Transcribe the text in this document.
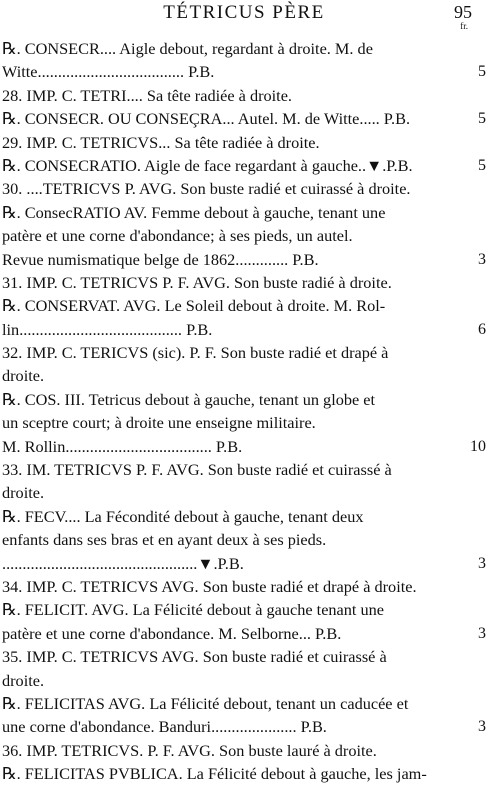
TÉTRICUS PÈRE	95
fr.
℞. CONSECR.... Aigle debout, regardant à droite. M. de
Witte.................................... P.B.	5
28. IMP. C. TETRI.... Sa tête radiée à droite.
℞. CONSECR. OU CONSEÇRA... Autel. M. de Witte..... P.B.	5
29. IMP. C. TETRICVS... Sa tête radiée à droite.
℞. CONSECRATIO. Aigle de face regardant à gauche..▼.P.B.	5
30. ....TETRICVS P. AVG. Son buste radié et cuirassé à droite.
℞. ConsecRATIO AV. Femme debout à gauche, tenant une
patère et une corne d'abondance; à ses pieds, un autel.
Revue numismatique belge de 1862............. P.B.	3
31. IMP. C. TETRICVS P. F. AVG. Son buste radié à droite.
℞. CONSERVAT. AVG. Le Soleil debout à droite. M. Rol-
lin........................................ P.B.	6
32. IMP. C. TERICVS (sic). P. F. Son buste radié et drapé à
droite.
℞. COS. III. Tetricus debout à gauche, tenant un globe et
un sceptre court; à droite une enseigne militaire.
M. Rollin.................................... P.B.	10
33. IM. TETRICVS P. F. AVG. Son buste radié et cuirassé à
droite.
℞. FECV.... La Fécondité debout à gauche, tenant deux
enfants dans ses bras et en ayant deux à ses pieds.
................................................▼.P.B.	3
34. IMP. C. TETRICVS AVG. Son buste radié et drapé à droite.
℞. FELICIT. AVG. La Félicité debout à gauche tenant une
patère et une corne d'abondance. M. Selborne... P.B.	3
35. IMP. C. TETRICVS AVG. Son buste radié et cuirassé à
droite.
℞. FELICITAS AVG. La Félicité debout, tenant un caducée et
une corne d'abondance. Banduri..................... P.B.	3
36. IMP. TETRICVS. P. F. AVG. Son buste lauré à droite.
℞. FELICITAS PVBLICA. La Félicité debout à gauche, les jam-
